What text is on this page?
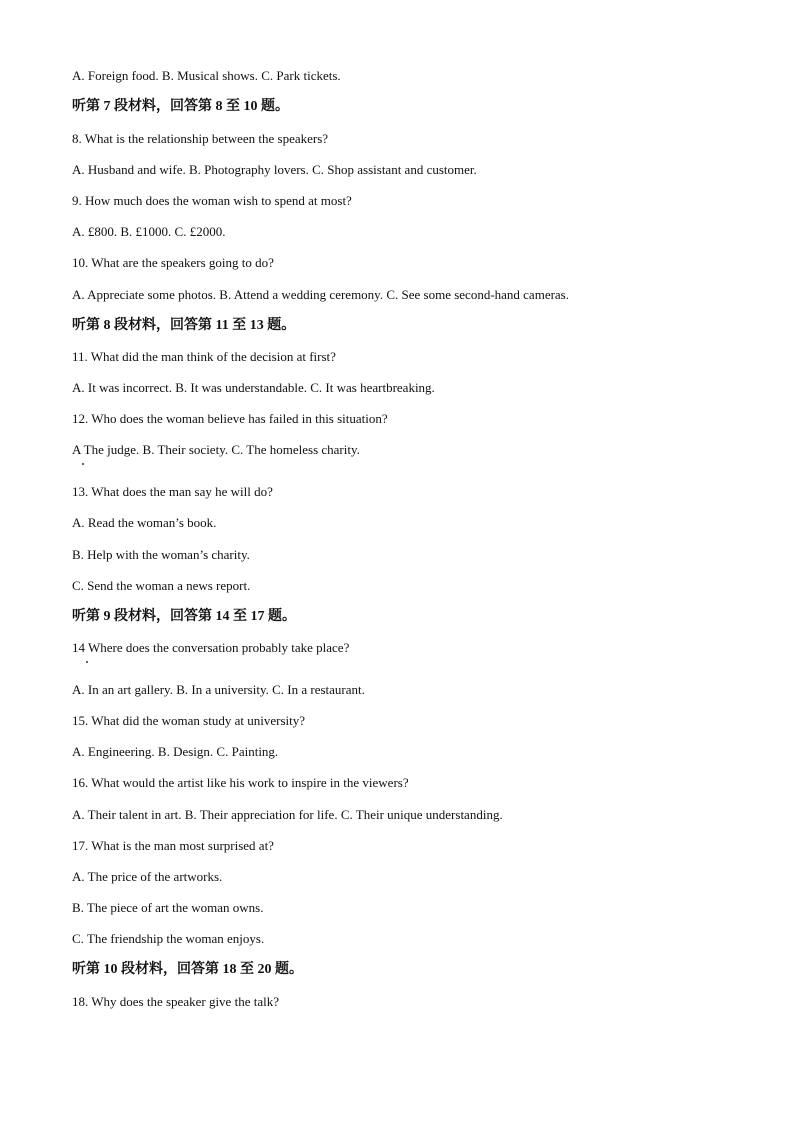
A. Foreign food. B. Musical shows. C. Park tickets.
听第 7 段材料，回答第 8 至 10 题。
8. What is the relationship between the speakers?
A. Husband and wife. B. Photography lovers. C. Shop assistant and customer.
9. How much does the woman wish to spend at most?
A. £800. B. £1000. C. £2000.
10. What are the speakers going to do?
A. Appreciate some photos. B. Attend a wedding ceremony. C. See some second-hand cameras.
听第 8 段材料，回答第 11 至 13 题。
11. What did the man think of the decision at first?
A. It was incorrect. B. It was understandable. C. It was heartbreaking.
12. Who does the woman believe has failed in this situation?
A The judge. B. Their society. C. The homeless charity.
13. What does the man say he will do?
A. Read the woman’s book.
B. Help with the woman’s charity.
C. Send the woman a news report.
听第 9 段材料，回答第 14 至 17 题。
14 Where does the conversation probably take place?
A. In an art gallery. B. In a university. C. In a restaurant.
15. What did the woman study at university?
A. Engineering. B. Design. C. Painting.
16. What would the artist like his work to inspire in the viewers?
A. Their talent in art. B. Their appreciation for life. C. Their unique understanding.
17. What is the man most surprised at?
A. The price of the artworks.
B. The piece of art the woman owns.
C. The friendship the woman enjoys.
听第 10 段材料，回答第 18 至 20 题。
18. Why does the speaker give the talk?
